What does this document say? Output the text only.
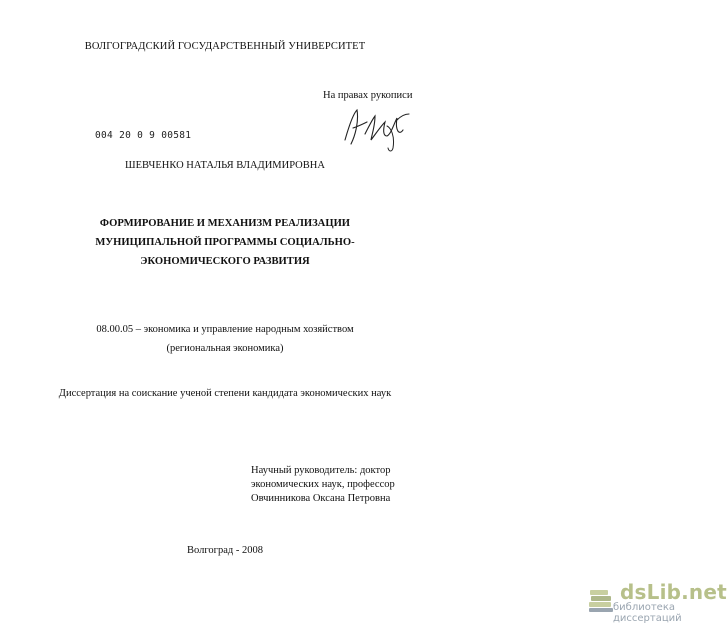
ВОЛГОГРАДСКИЙ ГОСУДАРСТВЕННЫЙ УНИВЕРСИТЕТ
На правах рукописи
004 20 0 9 00581
ШЕВЧЕНКО НАТАЛЬЯ ВЛАДИМИРОВНА
ФОРМИРОВАНИЕ И МЕХАНИЗМ РЕАЛИЗАЦИИ
МУНИЦИПАЛЬНОЙ ПРОГРАММЫ СОЦИАЛЬНО-
ЭКОНОМИЧЕСКОГО РАЗВИТИЯ
08.00.05 – экономика и управление народным хозяйством
(региональная экономика)
Диссертация на соискание ученой степени кандидата экономических наук
Научный руководитель: доктор
экономических наук, профессор
Овчинникова Оксана Петровна
Волгоград - 2008
dsLib.net
библиотека диссертаций
